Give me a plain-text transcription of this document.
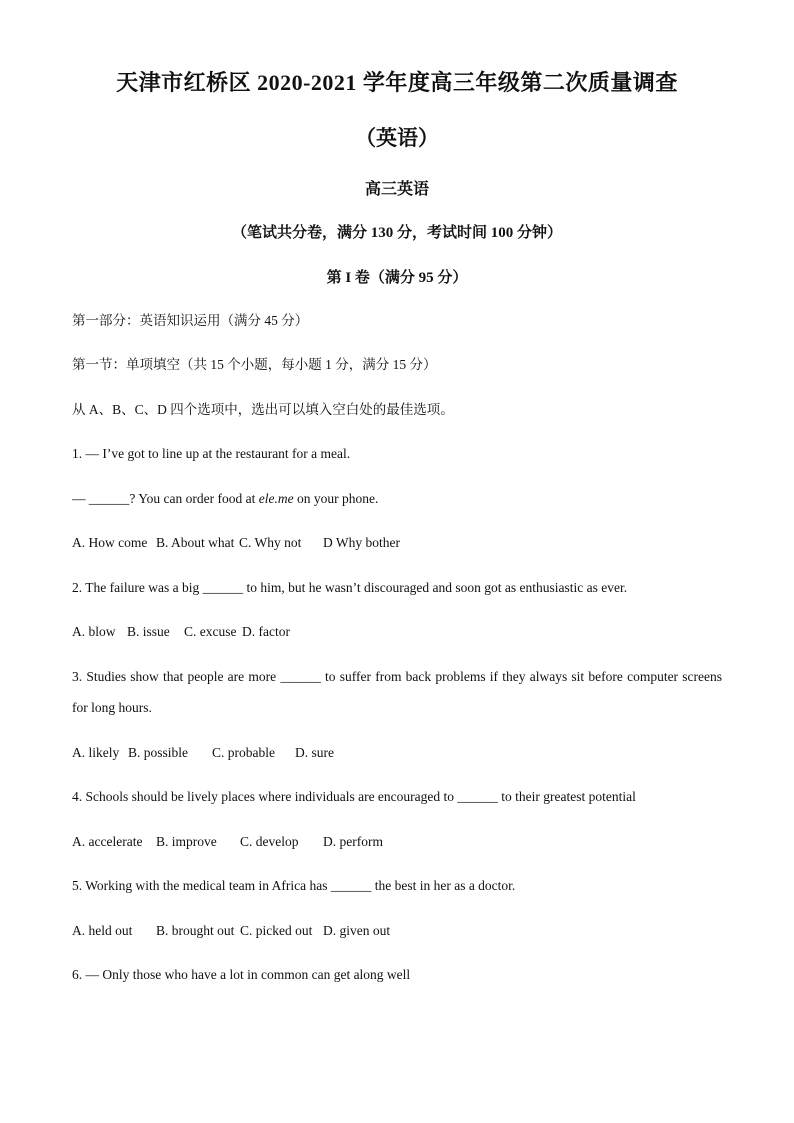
天津市红桥区 2020-2021 学年度高三年级第二次质量调查
（英语）
高三英语
（笔试共分卷，满分 130 分，考试时间 100 分钟）
第 I 卷（满分 95 分）
第一部分：英语知识运用（满分 45 分）
第一节：单项填空（共 15 个小题，每小题 1 分，满分 15 分）
从 A、B、C、D 四个选项中，选出可以填入空白处的最佳选项。
1. — I’ve got to line up at the restaurant for a meal.
— ______? You can order food at ele.me on your phone.
A. How come B. About what C. Why not D Why bother
2. The failure was a big ______ to him, but he wasn’t discouraged and soon got as enthusiastic as ever.
A. blow B. issue C. excuse D. factor
3. Studies show that people are more ______ to suffer from back problems if they always sit before computer screens for long hours.
A. likely B. possible C. probable D. sure
4. Schools should be lively places where individuals are encouraged to ______ to their greatest potential
A. accelerate B. improve C. develop D. perform
5. Working with the medical team in Africa has ______ the best in her as a doctor.
A. held out B. brought out C. picked out D. given out
6. — Only those who have a lot in common can get along well
